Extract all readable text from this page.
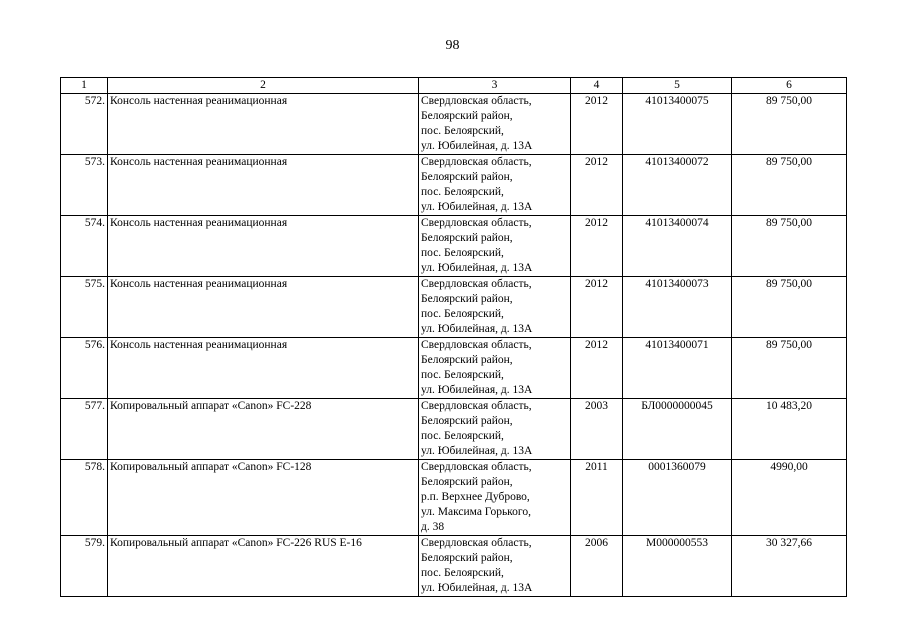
98
1	2	3	4	5	6
572.	Консоль настенная реанимационная	Свердловская область,
Белоярский район,
пос. Белоярский,
ул. Юбилейная, д. 13А	2012	41013400075	89 750,00
573.	Консоль настенная реанимационная	Свердловская область,
Белоярский район,
пос. Белоярский,
ул. Юбилейная, д. 13А	2012	41013400072	89 750,00
574.	Консоль настенная реанимационная	Свердловская область,
Белоярский район,
пос. Белоярский,
ул. Юбилейная, д. 13А	2012	41013400074	89 750,00
575.	Консоль настенная реанимационная	Свердловская область,
Белоярский район,
пос. Белоярский,
ул. Юбилейная, д. 13А	2012	41013400073	89 750,00
576.	Консоль настенная реанимационная	Свердловская область,
Белоярский район,
пос. Белоярский,
ул. Юбилейная, д. 13А	2012	41013400071	89 750,00
577.	Копировальный аппарат «Canon» FC-228	Свердловская область,
Белоярский район,
пос. Белоярский,
ул. Юбилейная, д. 13А	2003	БЛ0000000045	10 483,20
578.	Копировальный аппарат «Canon» FC-128	Свердловская область,
Белоярский район,
р.п. Верхнее Дуброво,
ул. Максима Горького,
д. 38	2011	0001360079	4990,00
579.	Копировальный аппарат «Canon» FC-226 RUS E-16	Свердловская область,
Белоярский район,
пос. Белоярский,
ул. Юбилейная, д. 13А	2006	М000000553	30 327,66
